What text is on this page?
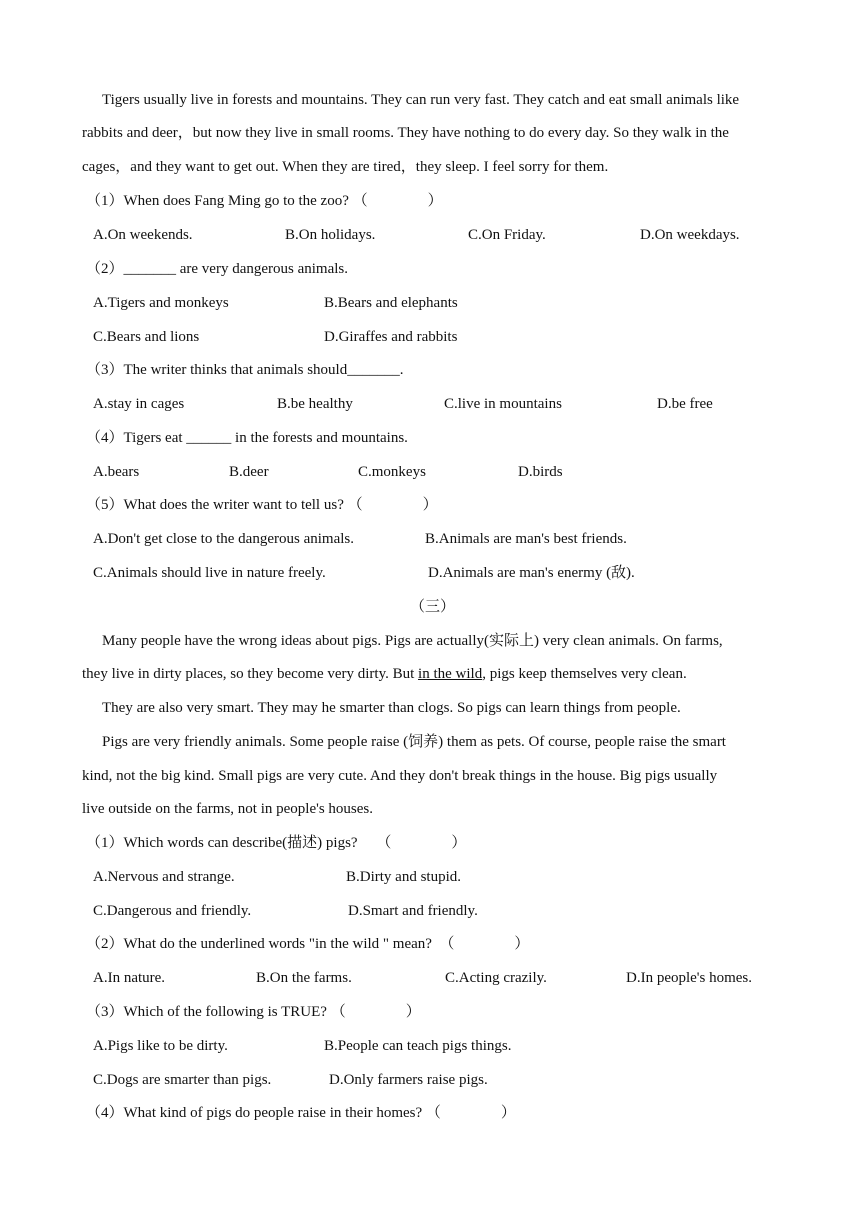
Tigers usually live in forests and mountains. They can run very fast. They catch and eat small animals like
rabbits and deer，but now they live in small rooms. They have nothing to do every day. So they walk in the
cages，and they want to get out. When they are tired，they sleep. I feel sorry for them.
（1）When does Fang Ming go to the zoo? （　　　　）
A.On weekends.	B.On holidays.	C.On Friday.	D.On weekdays.
（2）_______ are very dangerous animals.
A.Tigers and monkeys	B.Bears and elephants
C.Bears and lions	D.Giraffes and rabbits
（3）The writer thinks that animals should_______.
A.stay in cages	B.be healthy	C.live in mountains	D.be free
（4）Tigers eat ______ in the forests and mountains.
A.bears	B.deer	C.monkeys	D.birds
（5）What does the writer want to tell us? （　　　　）
A.Don't get close to the dangerous animals.	B.Animals are man's best friends.
C.Animals should live in nature freely.	D.Animals are man's enermy (敌).
（三）
Many people have the wrong ideas about pigs. Pigs are actually(实际上) very clean animals. On farms,
they live in dirty places, so they become very dirty. But in the wild, pigs keep themselves very clean.
They are also very smart. They may he smarter than clogs. So pigs can learn things from people.
Pigs are very friendly animals. Some people raise (饲养) them as pets. Of course, people raise the smart
kind, not the big kind. Small pigs are very cute. And they don't break things in the house. Big pigs usually
live outside on the farms, not in people's houses.
（1）Which words can describe(描述) pigs?　 （　　　　）
A.Nervous and strange.	B.Dirty and stupid.
C.Dangerous and friendly.	D.Smart and friendly.
（2）What do the underlined words "in the wild " mean?　（　　　　）
A.In nature.	B.On the farms.	C.Acting crazily.	D.In people's homes.
（3）Which of the following is TRUE? （　　　　）
A.Pigs like to be dirty.	B.People can teach pigs things.
C.Dogs are smarter than pigs.	D.Only farmers raise pigs.
（4）What kind of pigs do people raise in their homes? （　　　　）
